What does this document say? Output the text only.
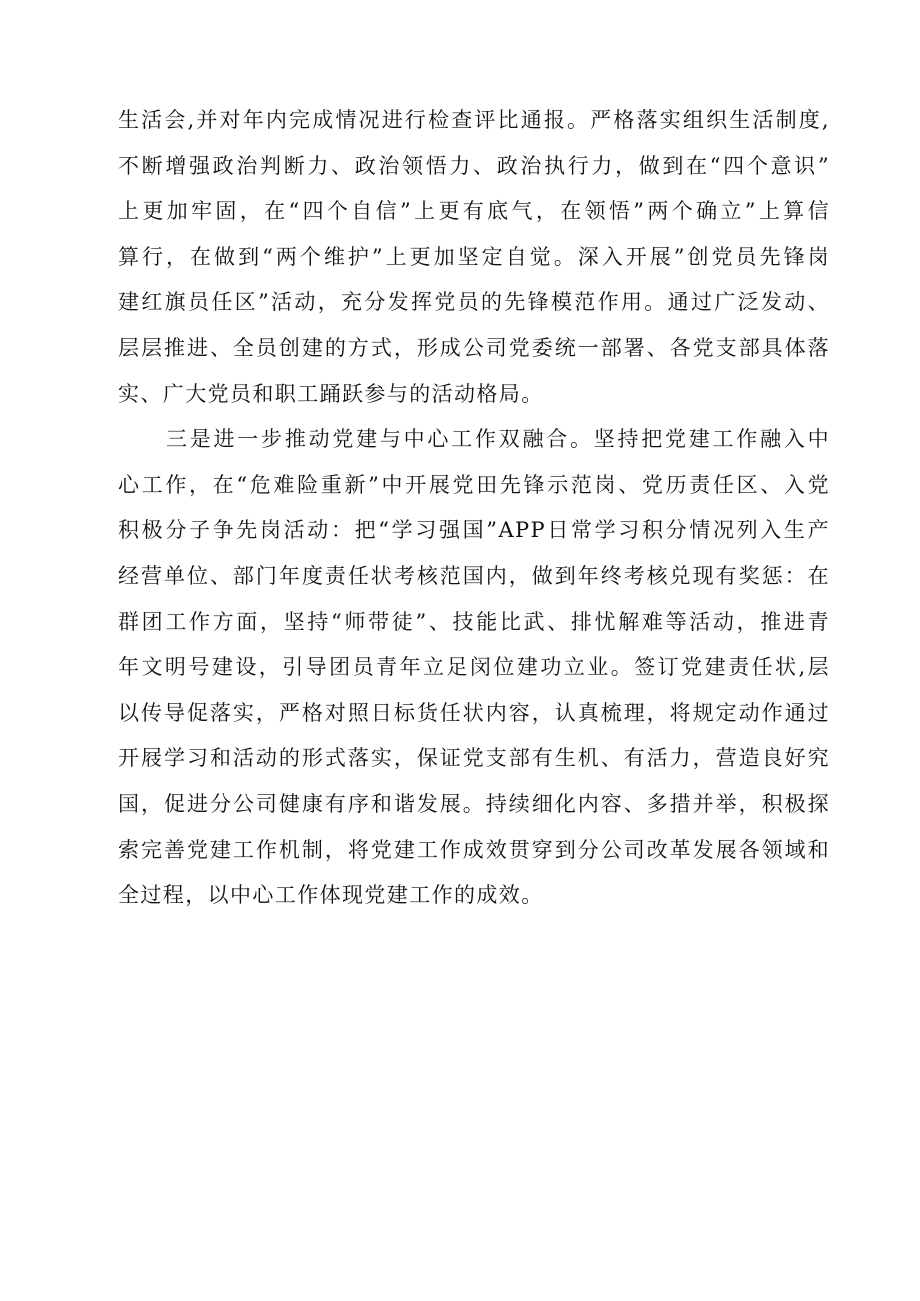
生活会,并对年内完成情况进行检查评比通报。严格落实组织生活制度,
不断增强政治判断力、政治领悟力、政治执行力，做到在“四个意识”
上更加牢固，在“四个自信”上更有底气，在领悟”两个确立”上算信
算行，在做到“两个维护”上更加坚定自觉。深入开展”创党员先锋岗
建红旗员任区”活动，充分发挥党员的先锋模范作用。通过广泛发动、
层层推进、全员创建的方式，形成公司党委统一部署、各党支部具体落
实、广大党员和职工踊跃参与的活动格局。
三是进一步推动党建与中心工作双融合。坚持把党建工作融入中
心工作，在“危难险重新”中开展党田先锋示范岗、党历责任区、入党
积极分子争先岗活动：把“学习强国”APP日常学习积分情况列入生产
经营单位、部门年度责任状考核范国内，做到年终考核兑现有奖惩：在
群团工作方面，坚持“师带徒”、技能比武、排忧解难等活动，推进青
年文明号建设，引导团员青年立足闵位建功立业。签订党建责任状,层
以传导促落实，严格对照日标货任状内容，认真梳理，将规定动作通过
开屐学习和活动的形式落实，保证党支部有生机、有活力，营造良好究
国，促进分公司健康有序和谐发展。持续细化内容、多措并举，积极探
索完善党建工作机制，将党建工作成效贯穿到分公司改革发展各领域和
全过程，以中心工作体现党建工作的成效。
